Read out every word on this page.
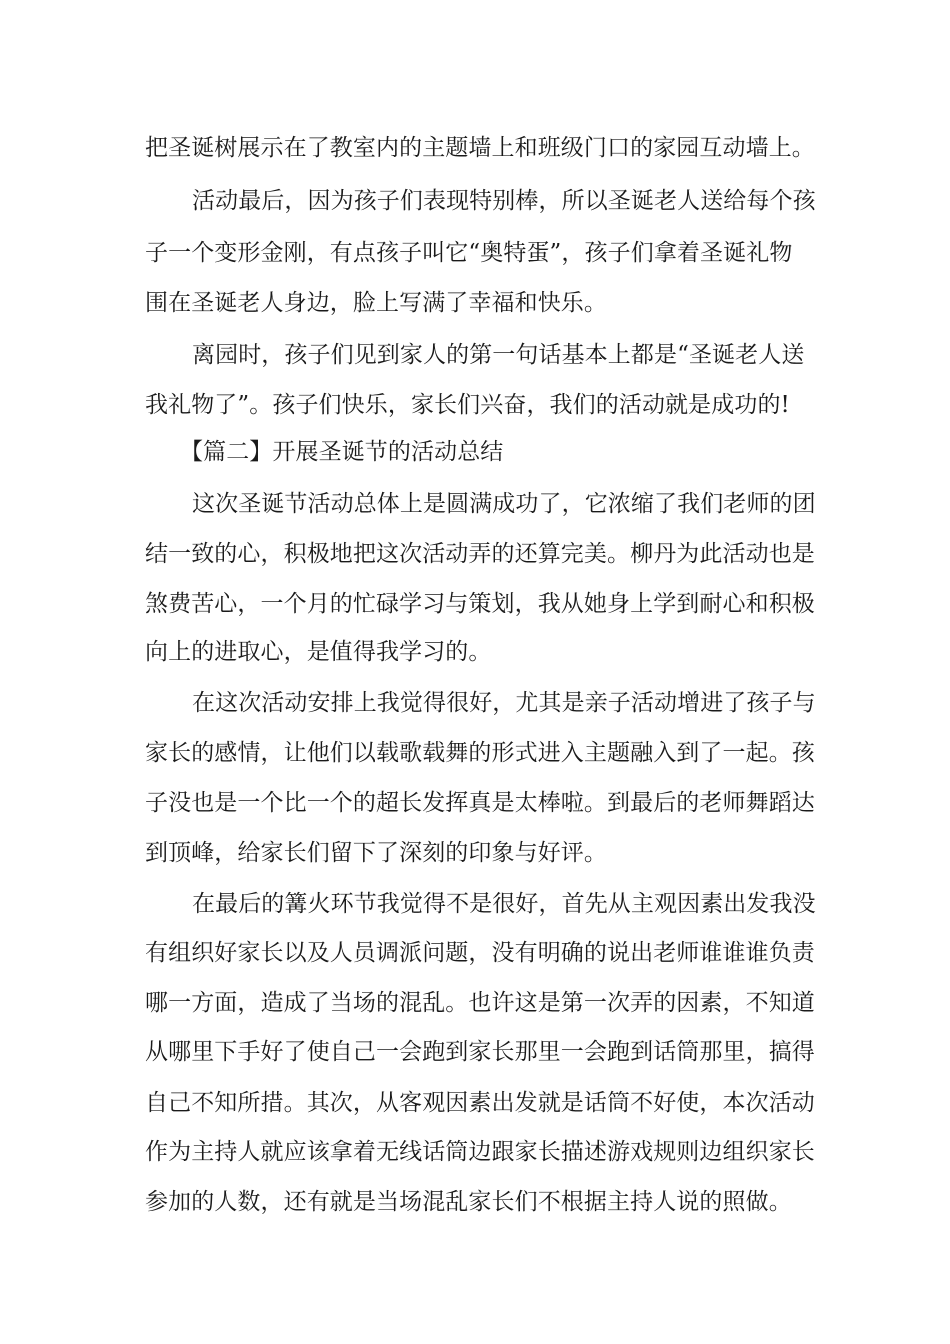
把圣诞树展示在了教室内的主题墙上和班级门口的家园互动墙上。
活动最后，因为孩子们表现特别棒，所以圣诞老人送给每个孩
子一个变形金刚，有点孩子叫它“奥特蛋”，孩子们拿着圣诞礼物
围在圣诞老人身边，脸上写满了幸福和快乐。
离园时，孩子们见到家人的第一句话基本上都是“圣诞老人送
我礼物了”。孩子们快乐，家长们兴奋，我们的活动就是成功的!
【篇二】开展圣诞节的活动总结
这次圣诞节活动总体上是圆满成功了，它浓缩了我们老师的团
结一致的心，积极地把这次活动弄的还算完美。柳丹为此活动也是
煞费苦心，一个月的忙碌学习与策划，我从她身上学到耐心和积极
向上的进取心，是值得我学习的。
在这次活动安排上我觉得很好，尤其是亲子活动增进了孩子与
家长的感情，让他们以载歌载舞的形式进入主题融入到了一起。孩
子没也是一个比一个的超长发挥真是太棒啦。到最后的老师舞蹈达
到顶峰，给家长们留下了深刻的印象与好评。
在最后的篝火环节我觉得不是很好，首先从主观因素出发我没
有组织好家长以及人员调派问题，没有明确的说出老师谁谁谁负责
哪一方面，造成了当场的混乱。也许这是第一次弄的因素，不知道
从哪里下手好了使自己一会跑到家长那里一会跑到话筒那里，搞得
自己不知所措。其次，从客观因素出发就是话筒不好使，本次活动
作为主持人就应该拿着无线话筒边跟家长描述游戏规则边组织家长
参加的人数，还有就是当场混乱家长们不根据主持人说的照做。
